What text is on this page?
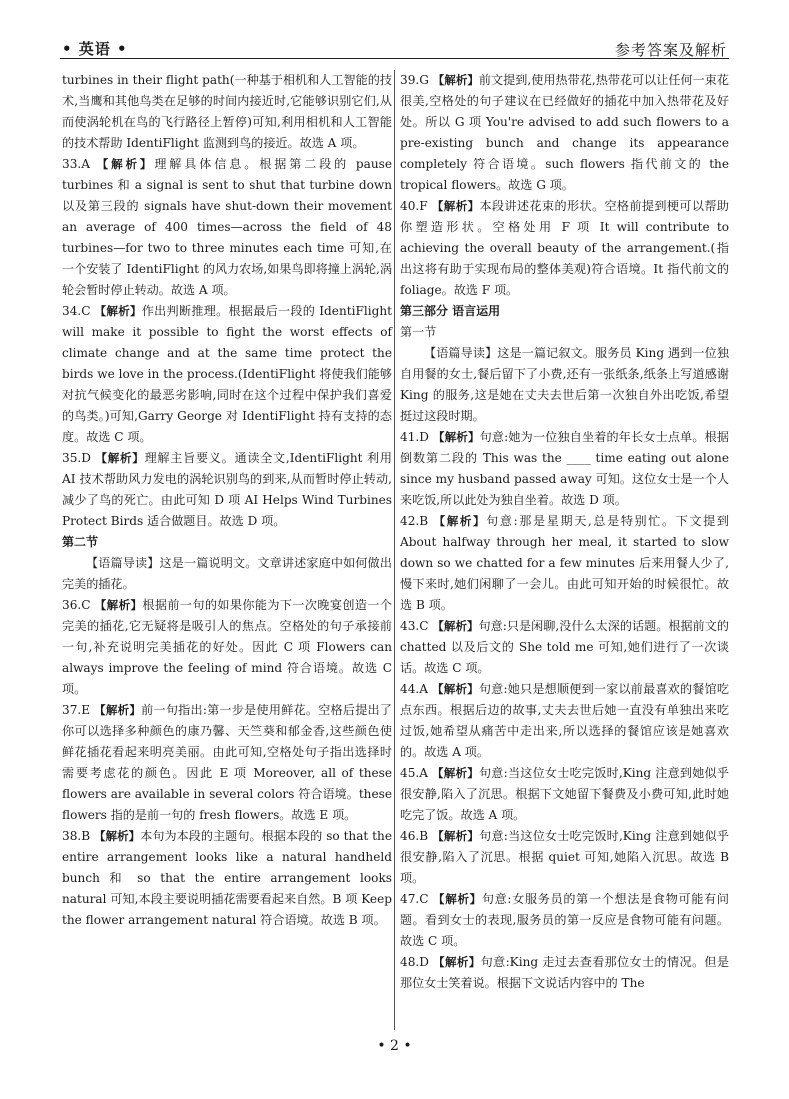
• 英语 •	参考答案及解析

turbines in their flight path(一种基于相机和人工智能的技术,当鹰和其他鸟类在足够的时间内接近时,它能够识别它们,从而使涡轮机在鸟的飞行路径上暂停)可知,利用相机和人工智能的技术帮助 IdentiFlight 监测到鸟的接近。故选 A 项。

33.A 【解析】理解具体信息。根据第二段的 pause turbines 和 a signal is sent to shut that turbine down 以及第三段的 signals have shut-down their movement an average of 400 times—across the field of 48 turbines—for two to three minutes each time 可知,在一个安装了 IdentiFlight 的风力农场,如果鸟即将撞上涡轮,涡轮会暂时停止转动。故选 A 项。

34.C 【解析】作出判断推理。根据最后一段的 IdentiFlight will make it possible to fight the worst effects of climate change and at the same time protect the birds we love in the process.(IdentiFlight 将使我们能够对抗气候变化的最恶劣影响,同时在这个过程中保护我们喜爱的鸟类。)可知,Garry George 对 IdentiFlight 持有支持的态度。故选 C 项。

35.D 【解析】理解主旨要义。通读全文,IdentiFlight 利用 AI 技术帮助风力发电的涡轮识别鸟的到来,从而暂时停止转动,减少了鸟的死亡。由此可知 D 项 AI Helps Wind Turbines Protect Birds 适合做题目。故选 D 项。

第二节

【语篇导读】这是一篇说明文。文章讲述家庭中如何做出完美的插花。

36.C 【解析】根据前一句的如果你能为下一次晚宴创造一个完美的插花,它无疑将是吸引人的焦点。空格处的句子承接前一句,补充说明完美插花的好处。因此 C 项 Flowers can always improve the feeling of mind 符合语境。故选 C 项。

37.E 【解析】前一句指出:第一步是使用鲜花。空格后提出了你可以选择多种颜色的康乃馨、天竺葵和郁金香,这些颜色使鲜花插花看起来明亮美丽。由此可知,空格处句子指出选择时需要考虑花的颜色。因此 E 项 Moreover, all of these flowers are available in several colors 符合语境。these flowers 指的是前一句的 fresh flowers。故选 E 项。

38.B 【解析】本句为本段的主题句。根据本段的 so that the entire arrangement looks like a natural handheld bunch 和 so that the entire arrangement looks natural 可知,本段主要说明插花需要看起来自然。B 项 Keep the flower arrangement natural 符合语境。故选 B 项。

39.G 【解析】前文提到,使用热带花,热带花可以让任何一束花很美,空格处的句子建议在已经做好的插花中加入热带花及好处。所以 G 项 You're advised to add such flowers to a pre-existing bunch and change its appearance completely 符合语境。such flowers 指代前文的 the tropical flowers。故选 G 项。

40.F 【解析】本段讲述花束的形状。空格前提到梗可以帮助你塑造形状。空格处用 F 项 It will contribute to achieving the overall beauty of the arrangement.(指出这将有助于实现布局的整体美观)符合语境。It 指代前文的 foliage。故选 F 项。

第三部分 语言运用

第一节

【语篇导读】这是一篇记叙文。服务员 King 遇到一位独自用餐的女士,餐后留下了小费,还有一张纸条,纸条上写道感谢 King 的服务,这是她在丈夫去世后第一次独自外出吃饭,希望挺过这段时期。

41.D 【解析】句意:她为一位独自坐着的年长女士点单。根据倒数第二段的 This was the ____ time eating out alone since my husband passed away 可知。这位女士是一个人来吃饭,所以此处为独自坐着。故选 D 项。

42.B 【解析】句意:那是星期天,总是特别忙。下文提到 About halfway through her meal, it started to slow down so we chatted for a few minutes 后来用餐人少了,慢下来时,她们闲聊了一会儿。由此可知开始的时候很忙。故选 B 项。

43.C 【解析】句意:只是闲聊,没什么太深的话题。根据前文的 chatted 以及后文的 She told me 可知,她们进行了一次谈话。故选 C 项。

44.A 【解析】句意:她只是想顺便到一家以前最喜欢的餐馆吃点东西。根据后边的故事,丈夫去世后她一直没有单独出来吃过饭,她希望从痛苦中走出来,所以选择的餐馆应该是她喜欢的。故选 A 项。

45.A 【解析】句意:当这位女士吃完饭时,King 注意到她似乎很安静,陷入了沉思。根据下文她留下餐费及小费可知,此时她吃完了饭。故选 A 项。

46.B 【解析】句意:当这位女士吃完饭时,King 注意到她似乎很安静,陷入了沉思。根据 quiet 可知,她陷入沉思。故选 B 项。

47.C 【解析】句意:女服务员的第一个想法是食物可能有问题。看到女士的表现,服务员的第一反应是食物可能有问题。故选 C 项。

48.D 【解析】句意:King 走过去查看那位女士的情况。但是那位女士笑着说。根据下文说话内容中的 The

• 2 •
